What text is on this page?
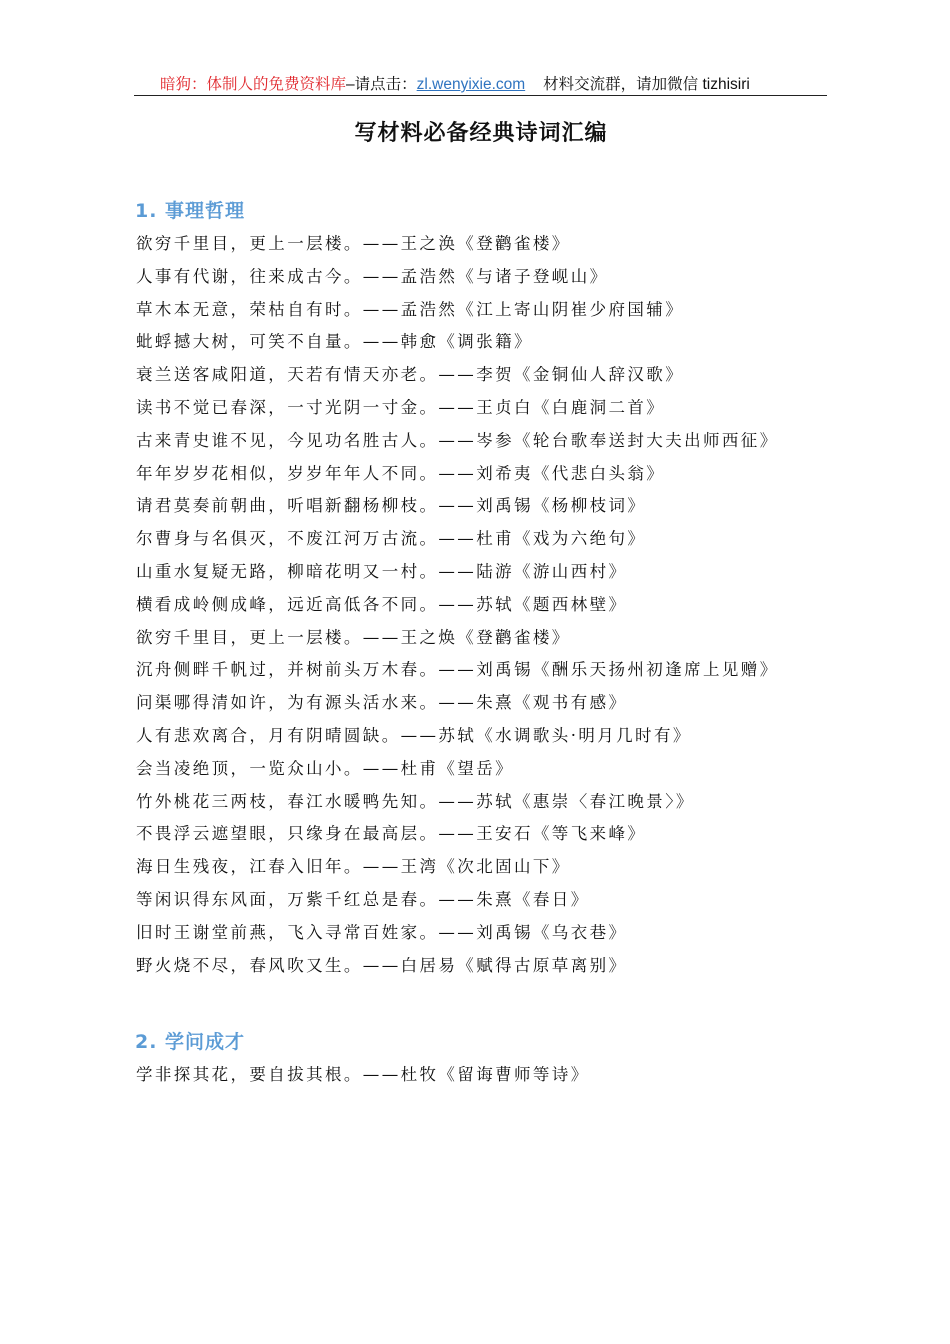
暗狗：体制人的免费资料库–请点击：zl.wenyixie.com 材料交流群，请加微信 tizhisiri
写材料必备经典诗词汇编
1. 事理哲理
欲穷千里目，更上一层楼。——王之涣《登鹳雀楼》
人事有代谢，往来成古今。——孟浩然《与诸子登岘山》
草木本无意，荣枯自有时。——孟浩然《江上寄山阴崔少府国辅》
蚍蜉撼大树，可笑不自量。——韩愈《调张籍》
衰兰送客咸阳道，天若有情天亦老。——李贺《金铜仙人辞汉歌》
读书不觉已春深，一寸光阴一寸金。——王贞白《白鹿洞二首》
古来青史谁不见，今见功名胜古人。——岑参《轮台歌奉送封大夫出师西征》
年年岁岁花相似，岁岁年年人不同。——刘希夷《代悲白头翁》
请君莫奏前朝曲，听唱新翻杨柳枝。——刘禹锡《杨柳枝词》
尔曹身与名俱灭，不废江河万古流。——杜甫《戏为六绝句》
山重水复疑无路，柳暗花明又一村。——陆游《游山西村》
横看成岭侧成峰，远近高低各不同。——苏轼《题西林壁》
欲穷千里目，更上一层楼。——王之焕《登鹳雀楼》
沉舟侧畔千帆过，并树前头万木春。——刘禹锡《酬乐天扬州初逢席上见赠》
问渠哪得清如许，为有源头活水来。——朱熹《观书有感》
人有悲欢离合，月有阴晴圆缺。——苏轼《水调歌头·明月几时有》
会当凌绝顶，一览众山小。——杜甫《望岳》
竹外桃花三两枝，春江水暖鸭先知。——苏轼《惠崇〈春江晚景〉》
不畏浮云遮望眼，只缘身在最高层。——王安石《等飞来峰》
海日生残夜，江春入旧年。——王湾《次北固山下》
等闲识得东风面，万紫千红总是春。——朱熹《春日》
旧时王谢堂前燕，飞入寻常百姓家。——刘禹锡《乌衣巷》
野火烧不尽，春风吹又生。——白居易《赋得古原草离别》
2. 学问成才
学非探其花，要自拔其根。——杜牧《留诲曹师等诗》
